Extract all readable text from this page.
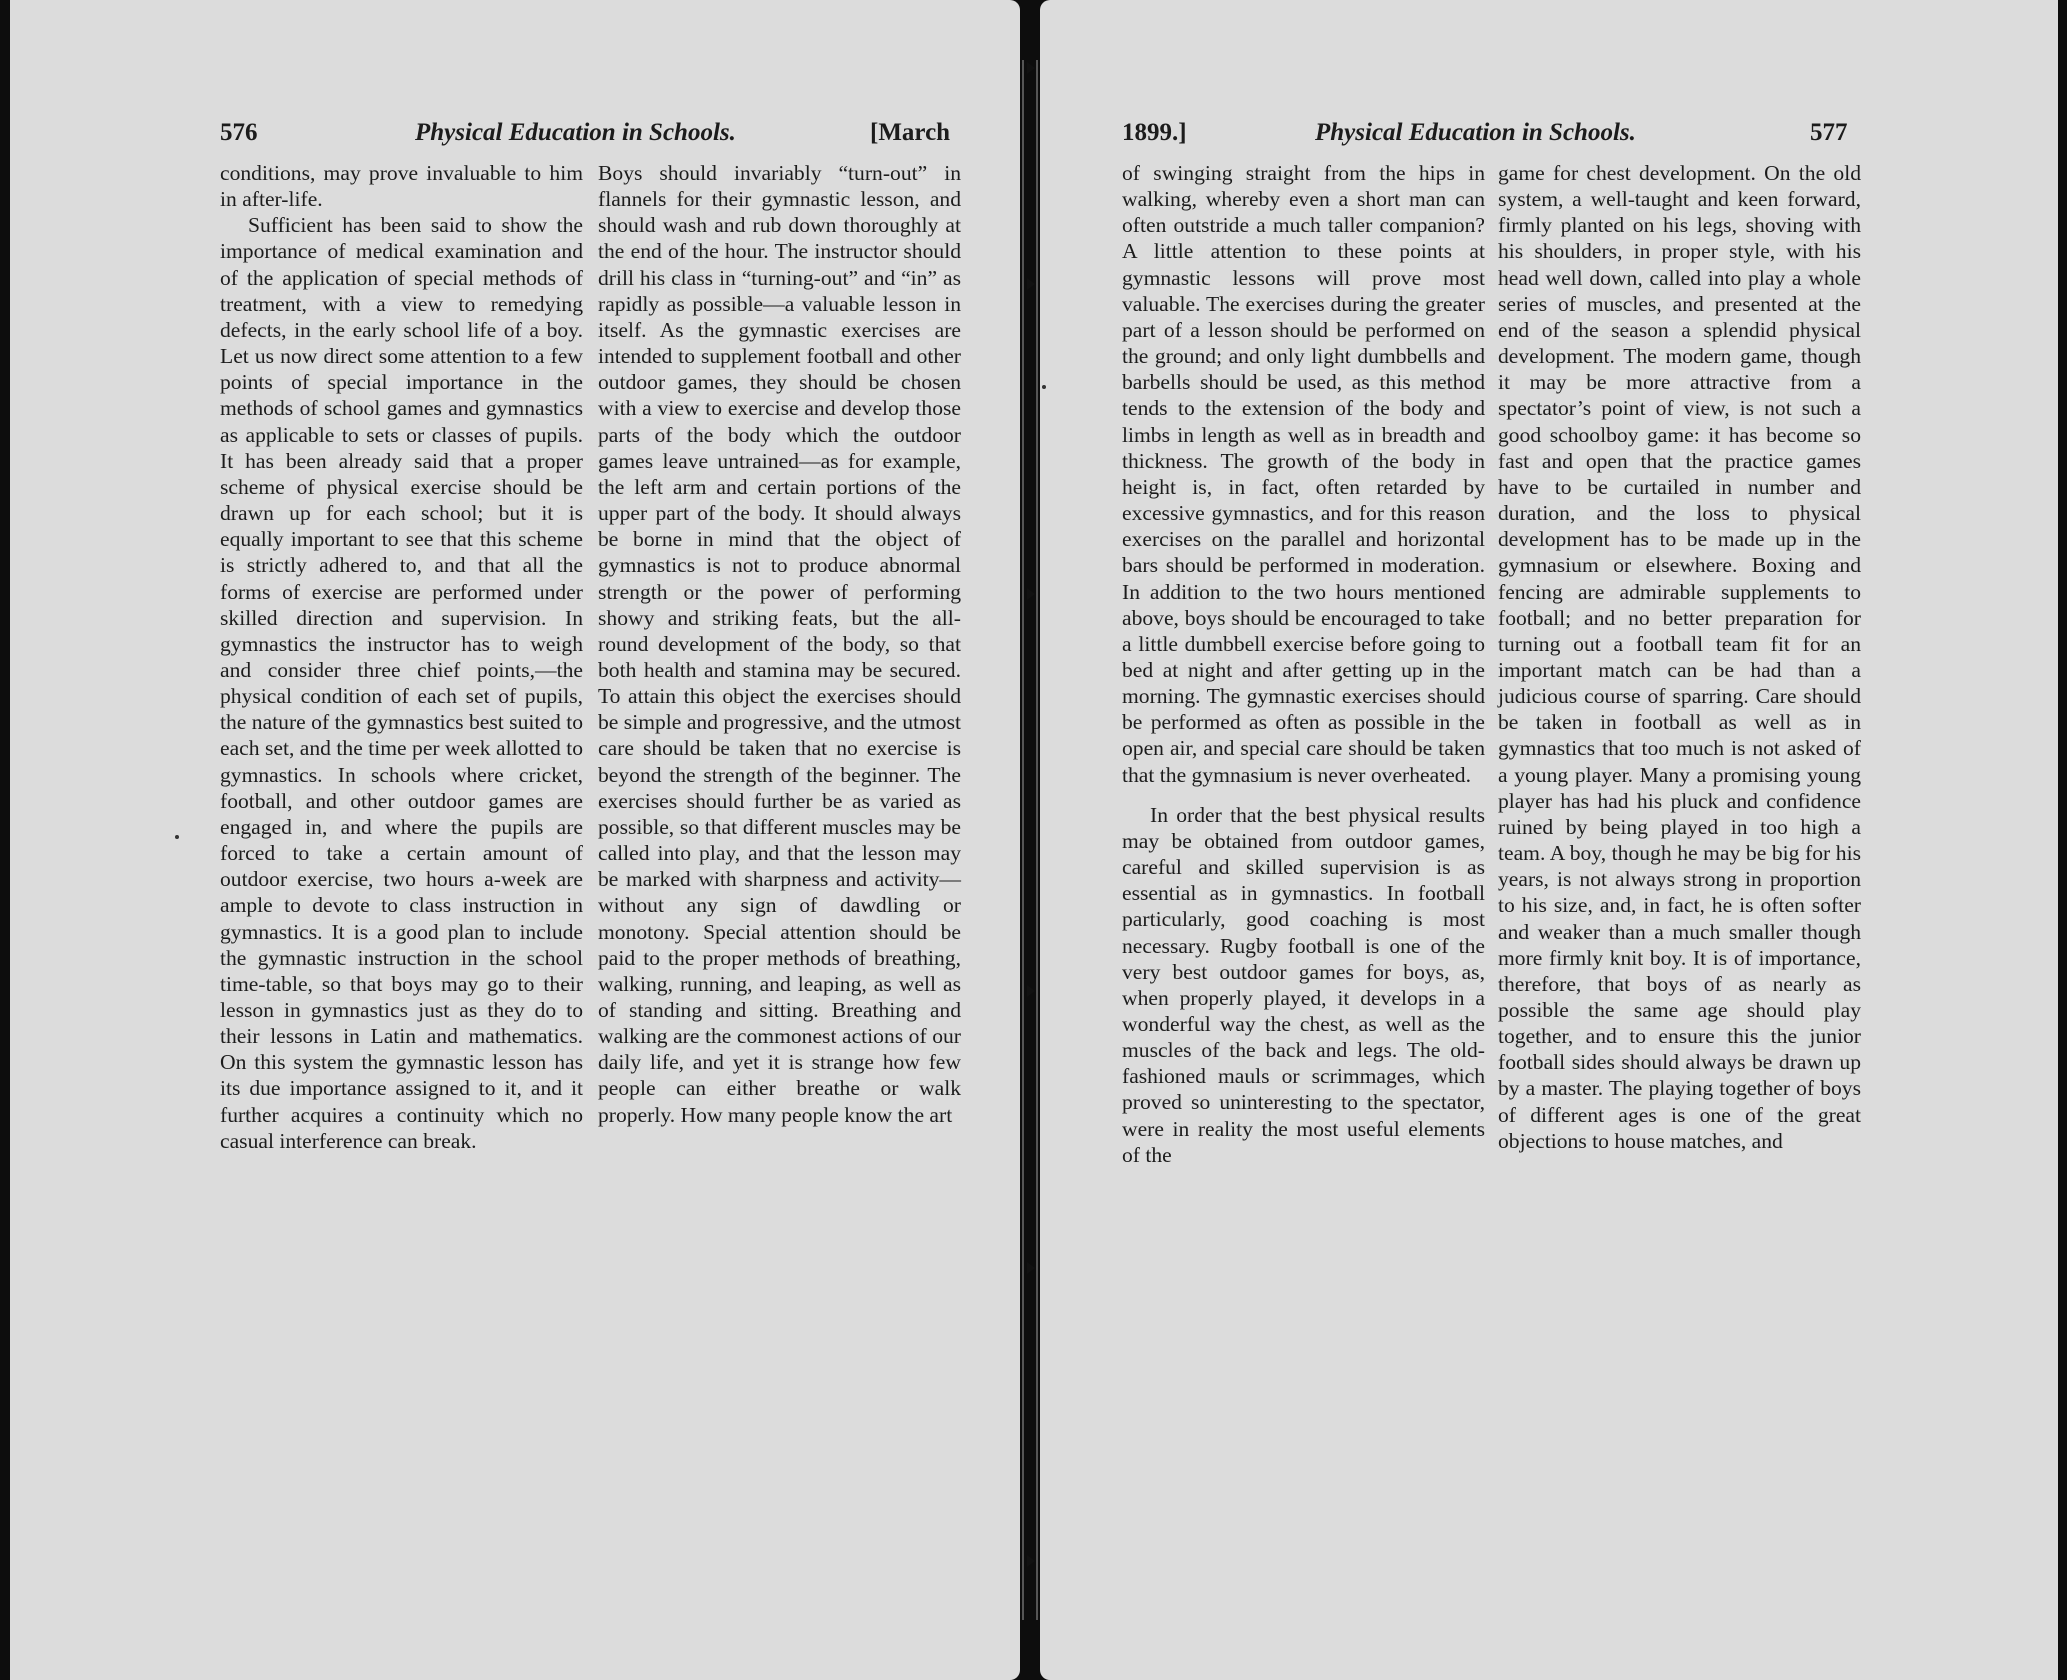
576	Physical Education in Schools.	[March

conditions, may prove invaluable to him in after-life.

Sufficient has been said to show the importance of medical examination and of the application of special methods of treatment, with a view to remedying defects, in the early school life of a boy. Let us now direct some attention to a few points of special importance in the methods of school games and gymnastics as applicable to sets or classes of pupils. It has been already said that a proper scheme of physical exercise should be drawn up for each school; but it is equally important to see that this scheme is strictly adhered to, and that all the forms of exercise are performed under skilled direction and supervision. In gymnastics the instructor has to weigh and consider three chief points,—the physical condition of each set of pupils, the nature of the gymnastics best suited to each set, and the time per week allotted to gymnastics. In schools where cricket, football, and other outdoor games are engaged in, and where the pupils are forced to take a certain amount of outdoor exercise, two hours a-week are ample to devote to class instruction in gymnastics. It is a good plan to include the gymnastic instruction in the school time-table, so that boys may go to their lesson in gymnastics just as they do to their lessons in Latin and mathematics. On this system the gymnastic lesson has its due importance assigned to it, and it further acquires a continuity which no casual interference can break.

Boys should invariably “turn-out” in flannels for their gymnastic lesson, and should wash and rub down thoroughly at the end of the hour. The instructor should drill his class in “turning-out” and “in” as rapidly as possible—a valuable lesson in itself. As the gymnastic exercises are intended to supplement football and other outdoor games, they should be chosen with a view to exercise and develop those parts of the body which the outdoor games leave untrained—as for example, the left arm and certain portions of the upper part of the body. It should always be borne in mind that the object of gymnastics is not to produce abnormal strength or the power of performing showy and striking feats, but the all-round development of the body, so that both health and stamina may be secured. To attain this object the exercises should be simple and progressive, and the utmost care should be taken that no exercise is beyond the strength of the beginner. The exercises should further be as varied as possible, so that different muscles may be called into play, and that the lesson may be marked with sharpness and activity—without any sign of dawdling or monotony. Special attention should be paid to the proper methods of breathing, walking, running, and leaping, as well as of standing and sitting. Breathing and walking are the commonest actions of our daily life, and yet it is strange how few people can either breathe or walk properly. How many people know the art

1899.]	Physical Education in Schools.	577

of swinging straight from the hips in walking, whereby even a short man can often outstride a much taller companion? A little attention to these points at gymnastic lessons will prove most valuable. The exercises during the greater part of a lesson should be performed on the ground; and only light dumbbells and barbells should be used, as this method tends to the extension of the body and limbs in length as well as in breadth and thickness. The growth of the body in height is, in fact, often retarded by excessive gymnastics, and for this reason exercises on the parallel and horizontal bars should be performed in moderation. In addition to the two hours mentioned above, boys should be encouraged to take a little dumbbell exercise before going to bed at night and after getting up in the morning. The gymnastic exercises should be performed as often as possible in the open air, and special care should be taken that the gymnasium is never overheated.

In order that the best physical results may be obtained from outdoor games, careful and skilled supervision is as essential as in gymnastics. In football particularly, good coaching is most necessary. Rugby football is one of the very best outdoor games for boys, as, when properly played, it develops in a wonderful way the chest, as well as the muscles of the back and legs. The old-fashioned mauls or scrimmages, which proved so uninteresting to the spectator, were in reality the most useful elements of the

game for chest development. On the old system, a well-taught and keen forward, firmly planted on his legs, shoving with his shoulders, in proper style, with his head well down, called into play a whole series of muscles, and presented at the end of the season a splendid physical development. The modern game, though it may be more attractive from a spectator’s point of view, is not such a good schoolboy game: it has become so fast and open that the practice games have to be curtailed in number and duration, and the loss to physical development has to be made up in the gymnasium or elsewhere. Boxing and fencing are admirable supplements to football; and no better preparation for turning out a football team fit for an important match can be had than a judicious course of sparring. Care should be taken in football as well as in gymnastics that too much is not asked of a young player. Many a promising young player has had his pluck and confidence ruined by being played in too high a team. A boy, though he may be big for his years, is not always strong in proportion to his size, and, in fact, he is often softer and weaker than a much smaller though more firmly knit boy. It is of importance, therefore, that boys of as nearly as possible the same age should play together, and to ensure this the junior football sides should always be drawn up by a master. The playing together of boys of different ages is one of the great objections to house matches, and
